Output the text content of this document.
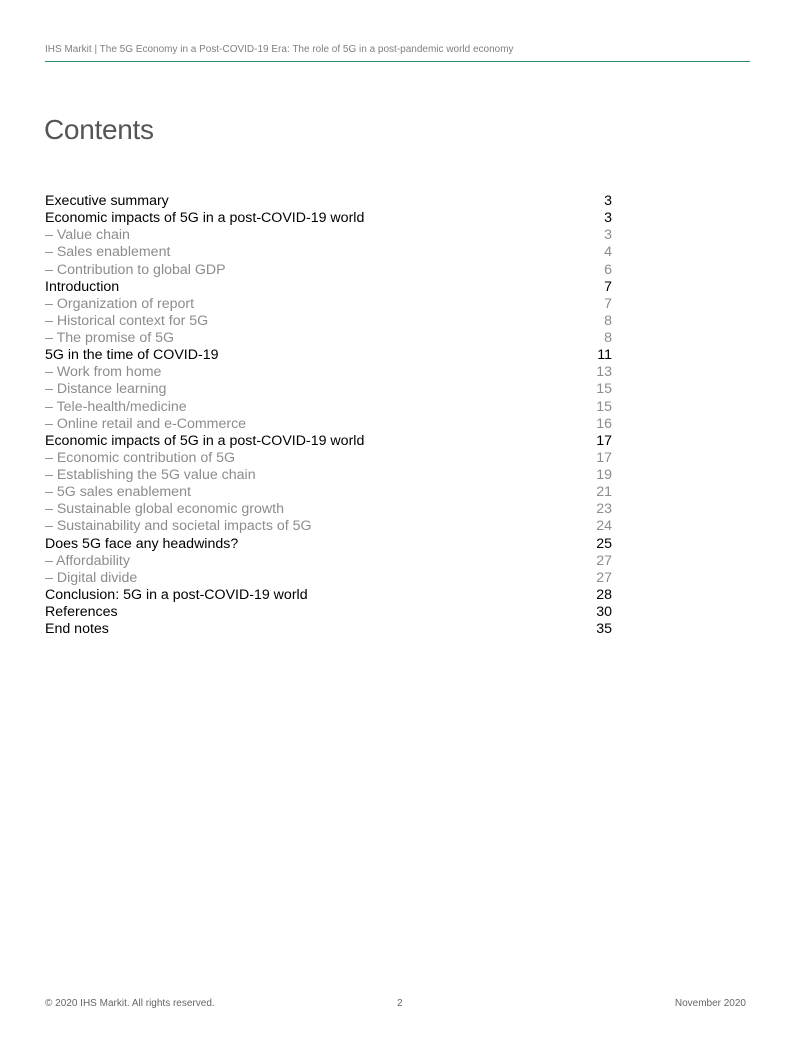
IHS Markit | The 5G Economy in a Post-COVID-19 Era: The role of 5G in a post-pandemic world economy
Contents
Executive summary	3
Economic impacts of 5G in a post-COVID-19 world	3
– Value chain	3
– Sales enablement	4
– Contribution to global GDP	6
Introduction	7
– Organization of report	7
– Historical context for 5G	8
– The promise of 5G	8
5G in the time of COVID-19	11
– Work from home	13
– Distance learning	15
– Tele-health/medicine	15
– Online retail and e-Commerce	16
Economic impacts of 5G in a post-COVID-19 world	17
– Economic contribution of 5G	17
– Establishing the 5G value chain	19
– 5G sales enablement	21
– Sustainable global economic growth	23
– Sustainability and societal impacts of 5G	24
Does 5G face any headwinds?	25
– Affordability	27
– Digital divide	27
Conclusion: 5G in a post-COVID-19 world	28
References	30
End notes	35
© 2020 IHS Markit. All rights reserved.	2	November 2020
